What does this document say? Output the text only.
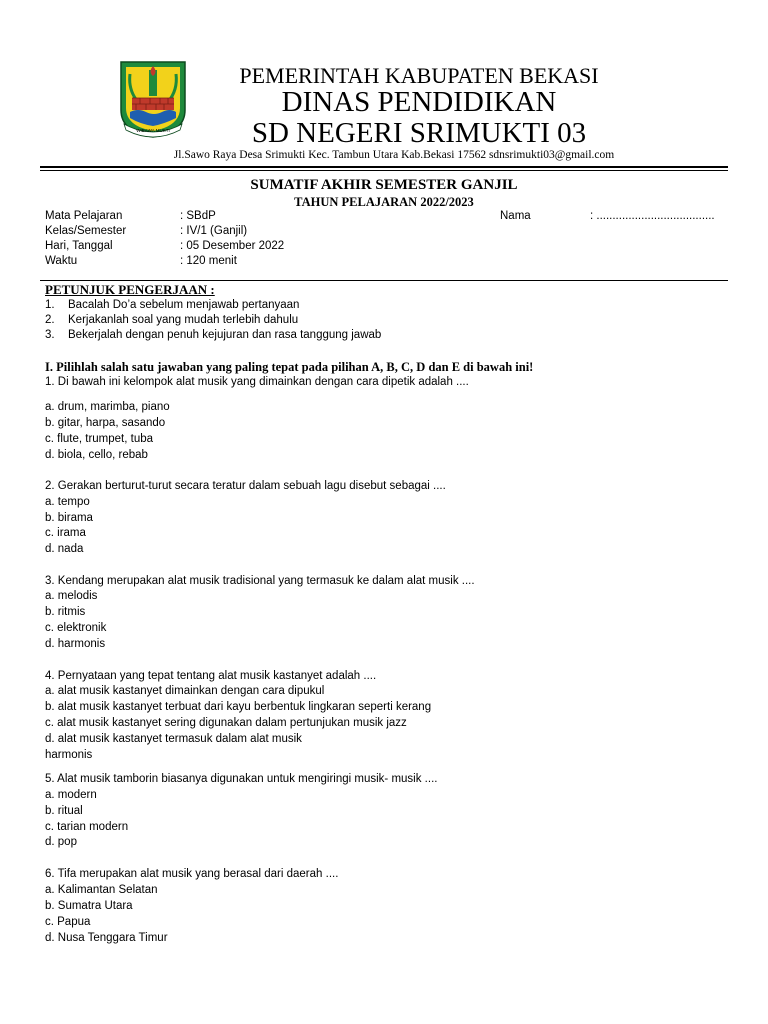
WIBAWA MUKTI
PEMERINTAH KABUPATEN BEKASI
DINAS PENDIDIKAN
SD NEGERI SRIMUKTI 03
Jl.Sawo Raya Desa Srimukti Kec. Tambun Utara Kab.Bekasi 17562 sdnsrimukti03@gmail.com
SUMATIF AKHIR SEMESTER GANJIL
TAHUN PELAJARAN 2022/2023
Mata Pelajaran	: SBdP
Kelas/Semester	: IV/1 (Ganjil)
Hari, Tanggal	: 05 Desember 2022
Waktu	: 120 menit
Nama	: .....................................
PETUNJUK PENGERJAAN :
1. Bacalah Do’a sebelum menjawab pertanyaan
2. Kerjakanlah soal yang mudah terlebih dahulu
3. Bekerjalah dengan penuh kejujuran dan rasa tanggung jawab
I. Pilihlah salah satu jawaban yang paling tepat pada pilihan A, B, C, D dan E di bawah ini!
1. Di bawah ini kelompok alat musik yang dimainkan dengan cara dipetik adalah ....
a. drum, marimba, piano
b. gitar, harpa, sasando
c. flute, trumpet, tuba
d. biola, cello, rebab
2. Gerakan berturut-turut secara teratur dalam sebuah lagu disebut sebagai ....
a. tempo
b. birama
c. irama
d. nada
3. Kendang merupakan alat musik tradisional yang termasuk ke dalam alat musik ....
a. melodis
b. ritmis
c. elektronik
d. harmonis
4. Pernyataan yang tepat tentang alat musik kastanyet adalah ....
a. alat musik kastanyet dimainkan dengan cara dipukul
b. alat musik kastanyet terbuat dari kayu berbentuk lingkaran seperti kerang
c. alat musik kastanyet sering digunakan dalam pertunjukan musik jazz
d. alat musik kastanyet termasuk dalam alat musik
harmonis
5. Alat musik tamborin biasanya digunakan untuk mengiringi musik- musik ....
a. modern
b. ritual
c. tarian modern
d. pop
6. Tifa merupakan alat musik yang berasal dari daerah ....
a. Kalimantan Selatan
b. Sumatra Utara
c. Papua
d. Nusa Tenggara Timur
